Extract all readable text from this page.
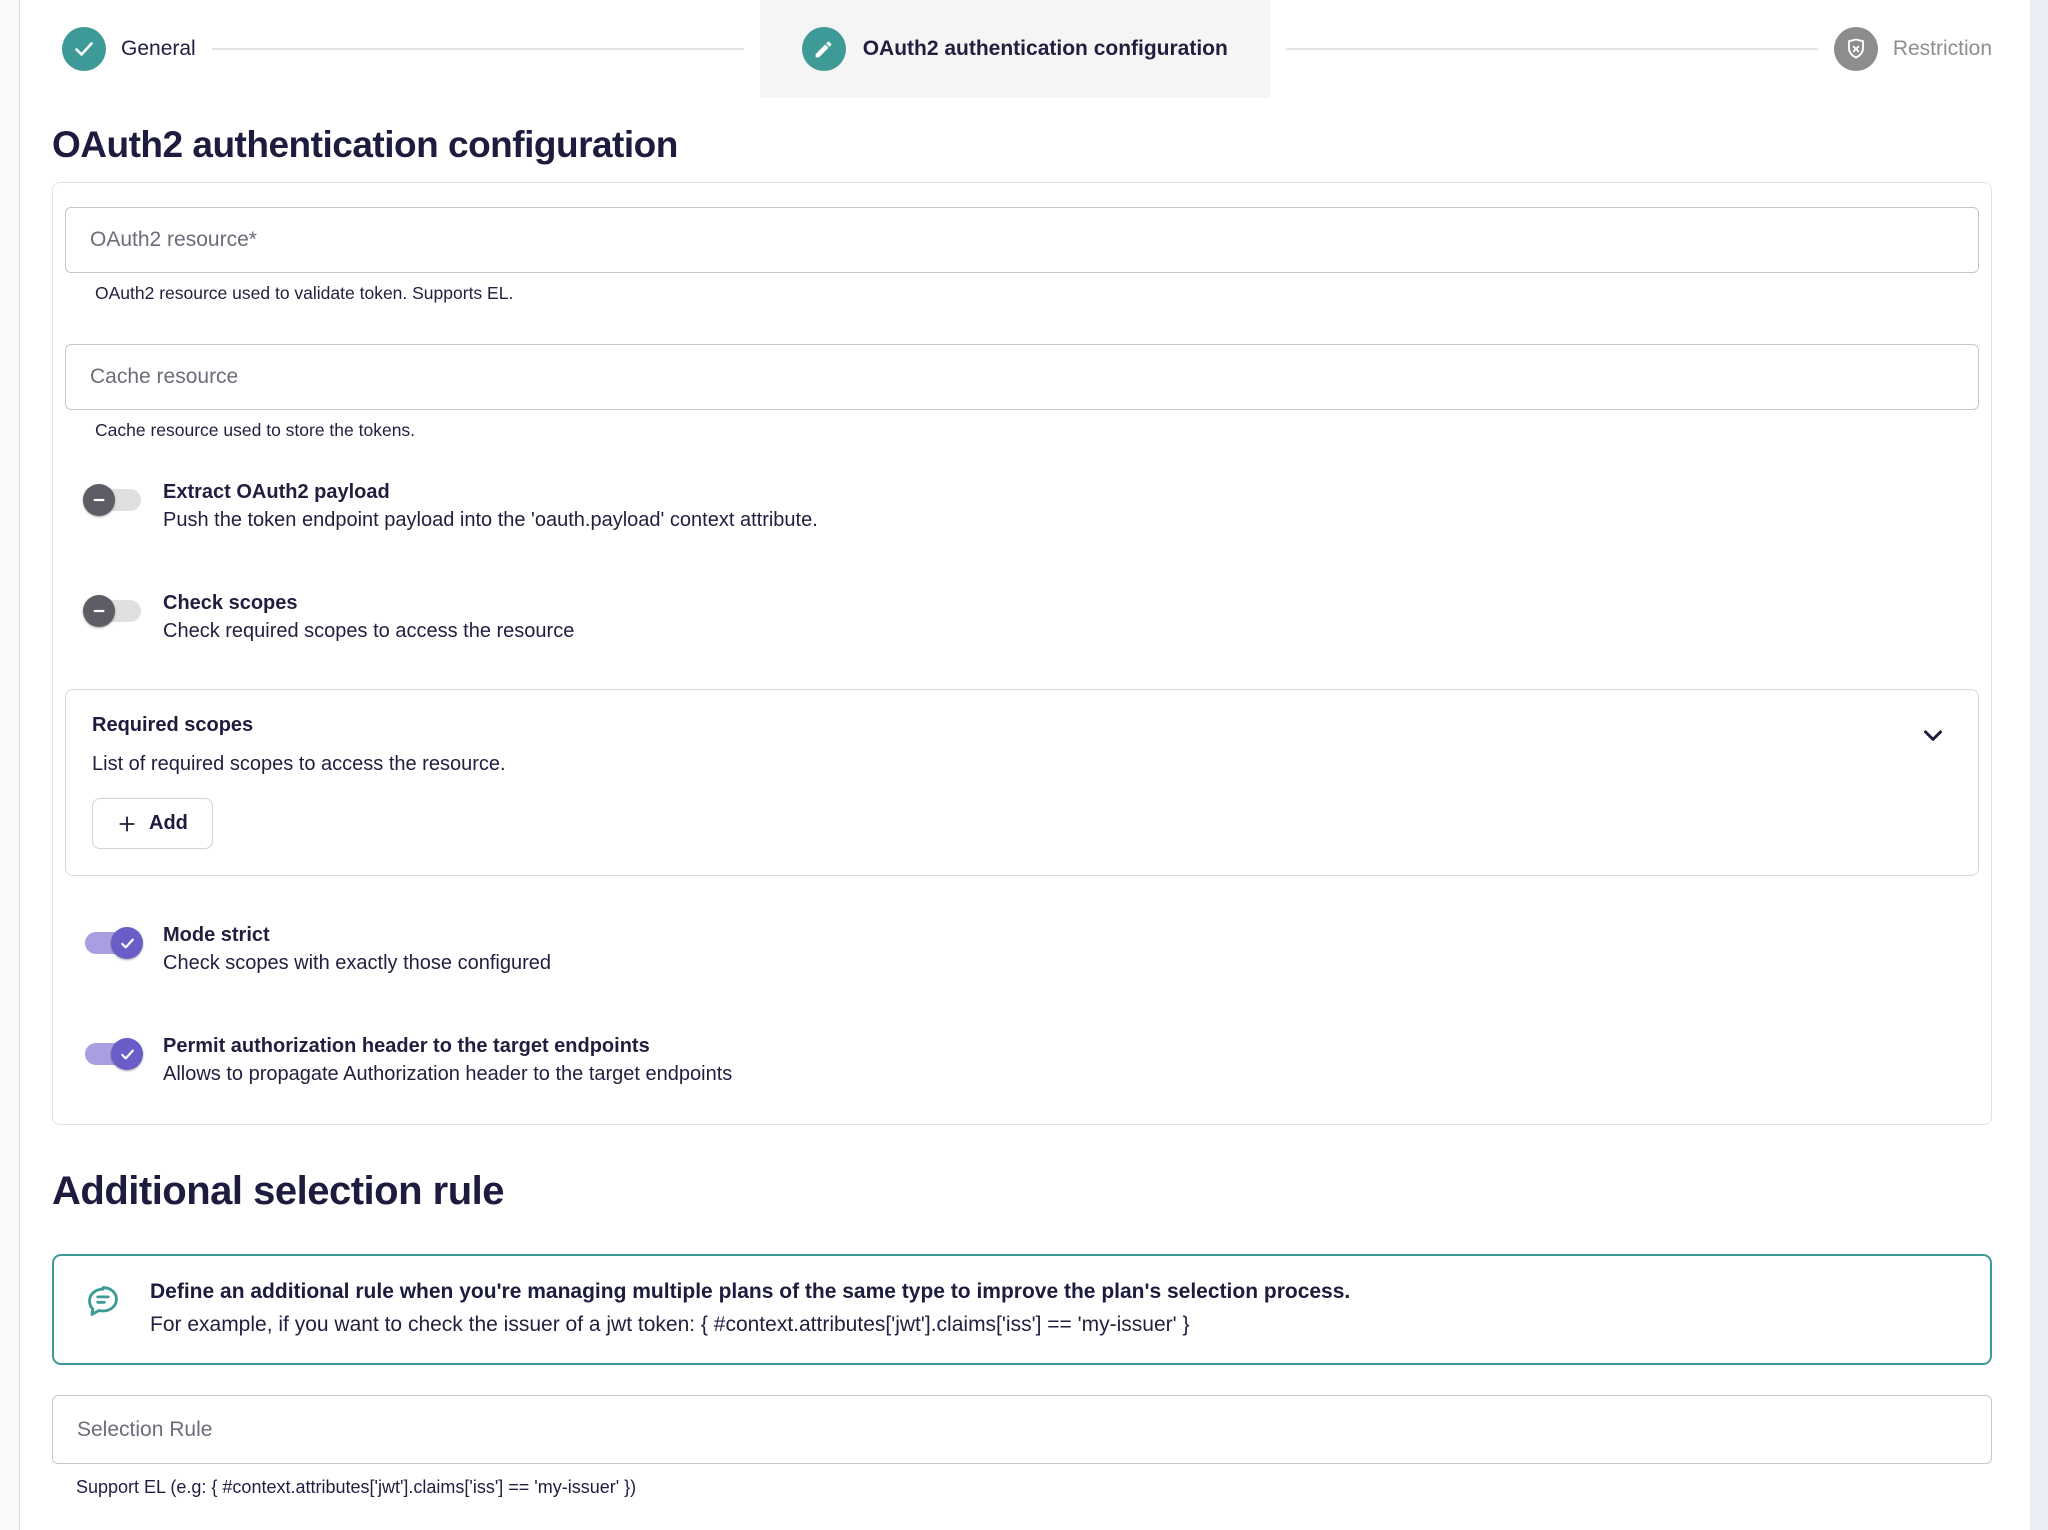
General	OAuth2 authentication configuration	Restriction
OAuth2 authentication configuration
OAuth2 resource*
OAuth2 resource used to validate token. Supports EL.
Cache resource
Cache resource used to store the tokens.
Extract OAuth2 payload
Push the token endpoint payload into the 'oauth.payload' context attribute.
Check scopes
Check required scopes to access the resource
Required scopes
List of required scopes to access the resource.
Add
Mode strict
Check scopes with exactly those configured
Permit authorization header to the target endpoints
Allows to propagate Authorization header to the target endpoints
Additional selection rule
Define an additional rule when you're managing multiple plans of the same type to improve the plan's selection process.
For example, if you want to check the issuer of a jwt token: { #context.attributes['jwt'].claims['iss'] == 'my-issuer' }
Selection Rule
Support EL (e.g: { #context.attributes['jwt'].claims['iss'] == 'my-issuer' })
